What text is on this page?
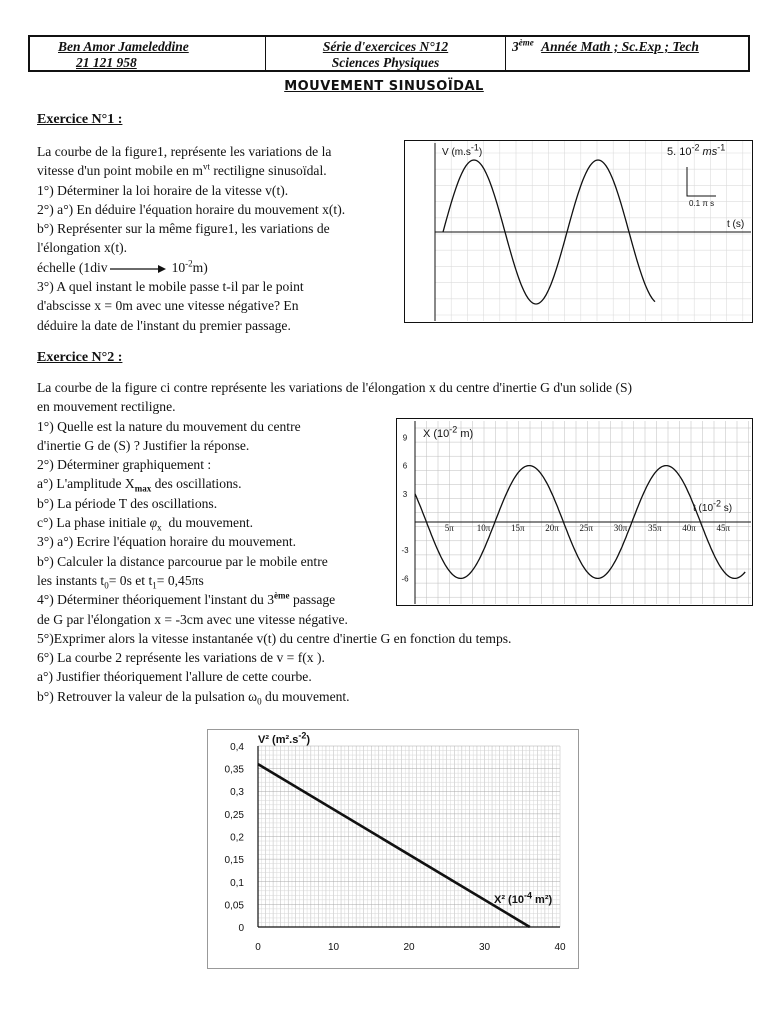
Ben Amor Jameleddine
21 121 958
Série d'exercices N°12
Sciences Physiques
3ème Année Math ; Sc.Exp ; Tech
MOUVEMENT SINUSOÏDAL
Exercice N°1 :

La courbe de la figure1, représente les variations de la

vitesse d'un point mobile en $m^{vt}$ rectiligne sinusoïdal.

1°) Déterminer la loi horaire de la vitesse v(t).

2°) a°) En déduire l'équation horaire du mouvement x(t).

b°) Représenter sur la même figure1, les variations de

l'élongation x(t).

échelle (1div	$10^{-2}m$)

3°) A quel instant le mobile passe t-il par le point

d'abscisse x = 0m avec une vitesse négative? En

déduire la date de l'instant du premier passage.

V $(m.s^{-1})$	5. $10^{-2}$ $ms^{-1}$
0.1 π s
t (s)
Exercice N°2 :

La courbe de la figure ci contre représente les variations de l'élongation x du centre d'inertie G d'un solide (S)

en mouvement rectiligne.

1°) Quelle est la nature du mouvement du centre

d'inertie G de (S) ? Justifier la réponse.

2°) Déterminer graphiquement :

a°) L'amplitude $X_{max}$ des oscillations.

b°) La période T des oscillations.

c°) La phase initiale $\varphi_x$ du mouvement.

3°) a°) Ecrire l'équation horaire du mouvement.

b°) Calculer la distance parcourue par le mobile entre

les instants $t_0= 0s$ et $t_1= 0,45\pi s$

4°) Déterminer théoriquement l'instant du 3ème passage

de G par l'élongation x = -3cm avec une vitesse négative.

5°)Exprimer alors la vitesse instantanée v(t) du centre d'inertie G en fonction du temps.

6°) La courbe 2 représente les variations de v = f(x ).

a°) Justifier théoriquement l'allure de cette courbe.

b°) Retrouver la valeur de la pulsation $\omega_0$ du mouvement.

9
6
3
-3
-6
5π	10π 15π 20π 25π 30π 35π 40π 45π
X ($10^{-2}$ m)
t ($10^{-2}$ s)
0
0,05
0,1
0,15
0,2
0,25
0,3
0,35
0,4
0	10	20	30	40
V² $(m^2.s^{-2})$
X² ($10^{-4}$ m²)
